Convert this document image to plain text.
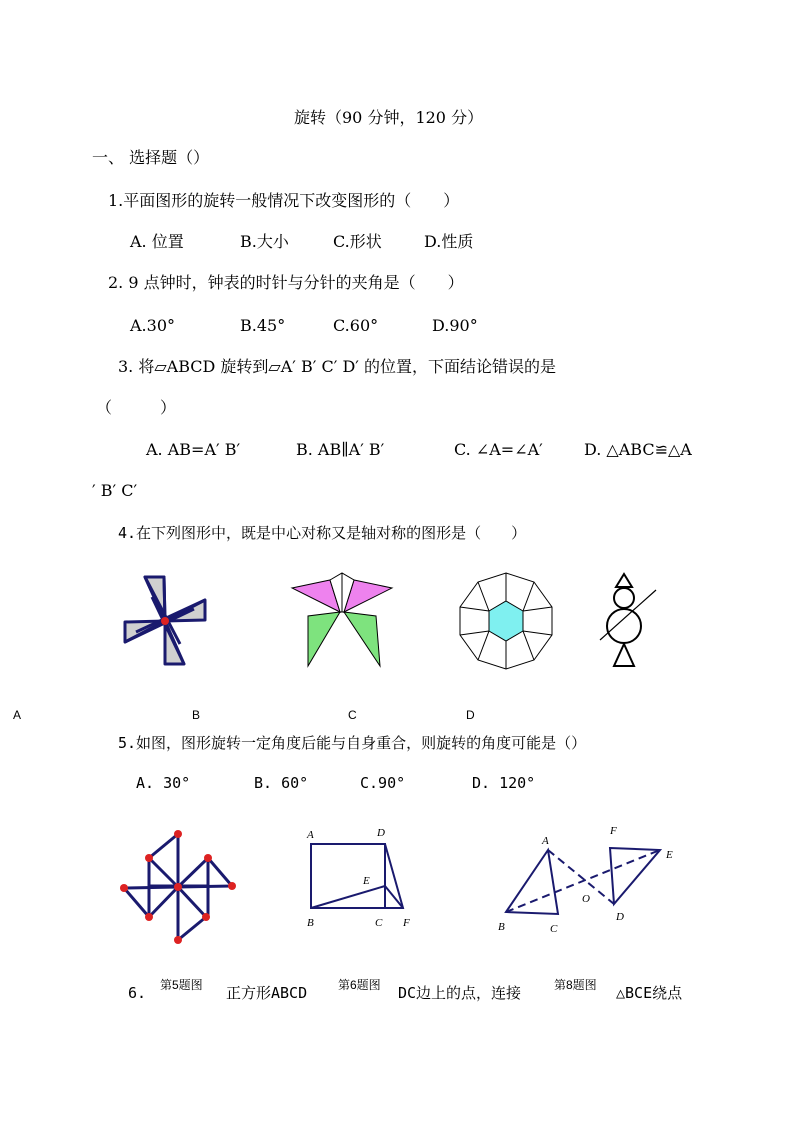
旋转（90 分钟，120 分）
一、 选择题（）
1.平面图形的旋转一般情况下改变图形的（　　）
A. 位置	B.大小	C.形状	D.性质
2. 9 点钟时，钟表的时针与分针的夹角是（　　）
A.30°	B.45°	C.60°	D.90°
3. 将▱ABCD 旋转到▱A′ B′ C′ D′ 的位置，下面结论错误的是
（　　　）
A. AB=A′ B′	B. AB∥A′ B′	C. ∠A=∠A′	D. △ABC≌△A
′ B′ C′
4.在下列图形中，既是中心对称又是轴对称的图形是（　　）
A	B	C	D
5.如图，图形旋转一定角度后能与自身重合，则旋转的角度可能是（）
A. 30°	B. 60°	C.90°	D. 120°
A	D
E
B	C F
A
F
E
O
B	C
D
6.	正方形ABCD	DC边上的点，连接	△BCE绕点
第5题图	第6题图	第8题图
